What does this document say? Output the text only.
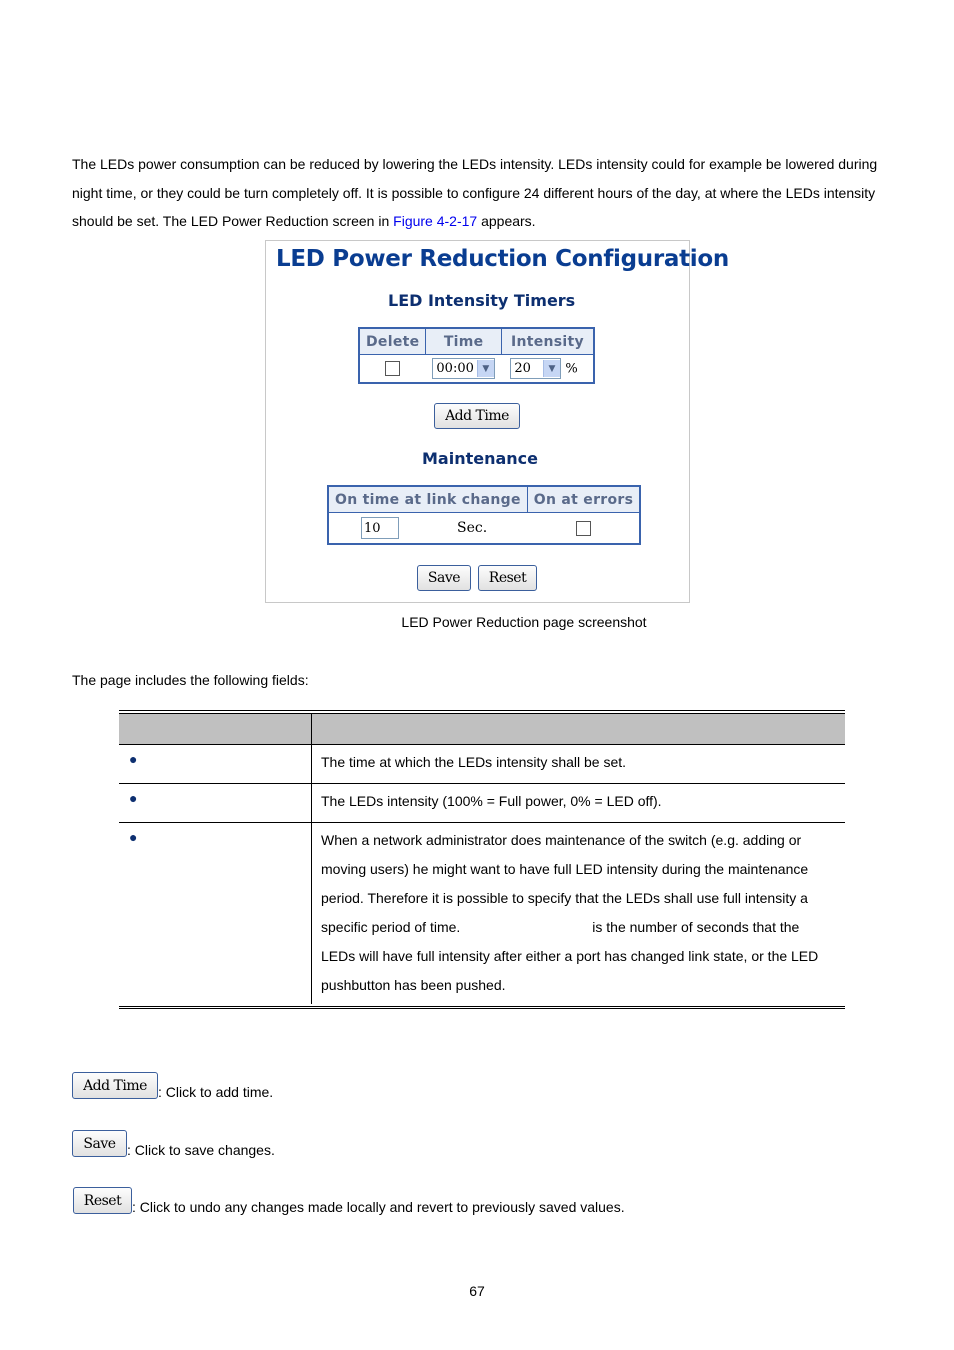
The LEDs power consumption can be reduced by lowering the LEDs intensity. LEDs intensity could for example be lowered during night time, or they could be turn completely off. It is possible to configure 24 different hours of the day, at where the LEDs intensity should be set. The LED Power Reduction screen in Figure 4-2-17 appears.
LED Power Reduction Configuration
LED Intensity Timers
Delete	Time	Intensity

	00:00 ▼	20 ▼ %
Add Time
Maintenance
On time at link change	On at errors
10 Sec.	
Save	Reset
LED Power Reduction page screenshot
The page includes the following fields:
●	The time at which the LEDs intensity shall be set.
●	The LEDs intensity (100% = Full power, 0% = LED off).
●	When a network administrator does maintenance of the switch (e.g. adding or moving users) he might want to have full LED intensity during the maintenance period. Therefore it is possible to specify that the LEDs shall use full intensity a specific period of time.	is the number of seconds that the LEDs will have full intensity after either a port has changed link state, or the LED pushbutton has been pushed.
Add Time : Click to add time.
Save : Click to save changes.
Reset : Click to undo any changes made locally and revert to previously saved values.
67
